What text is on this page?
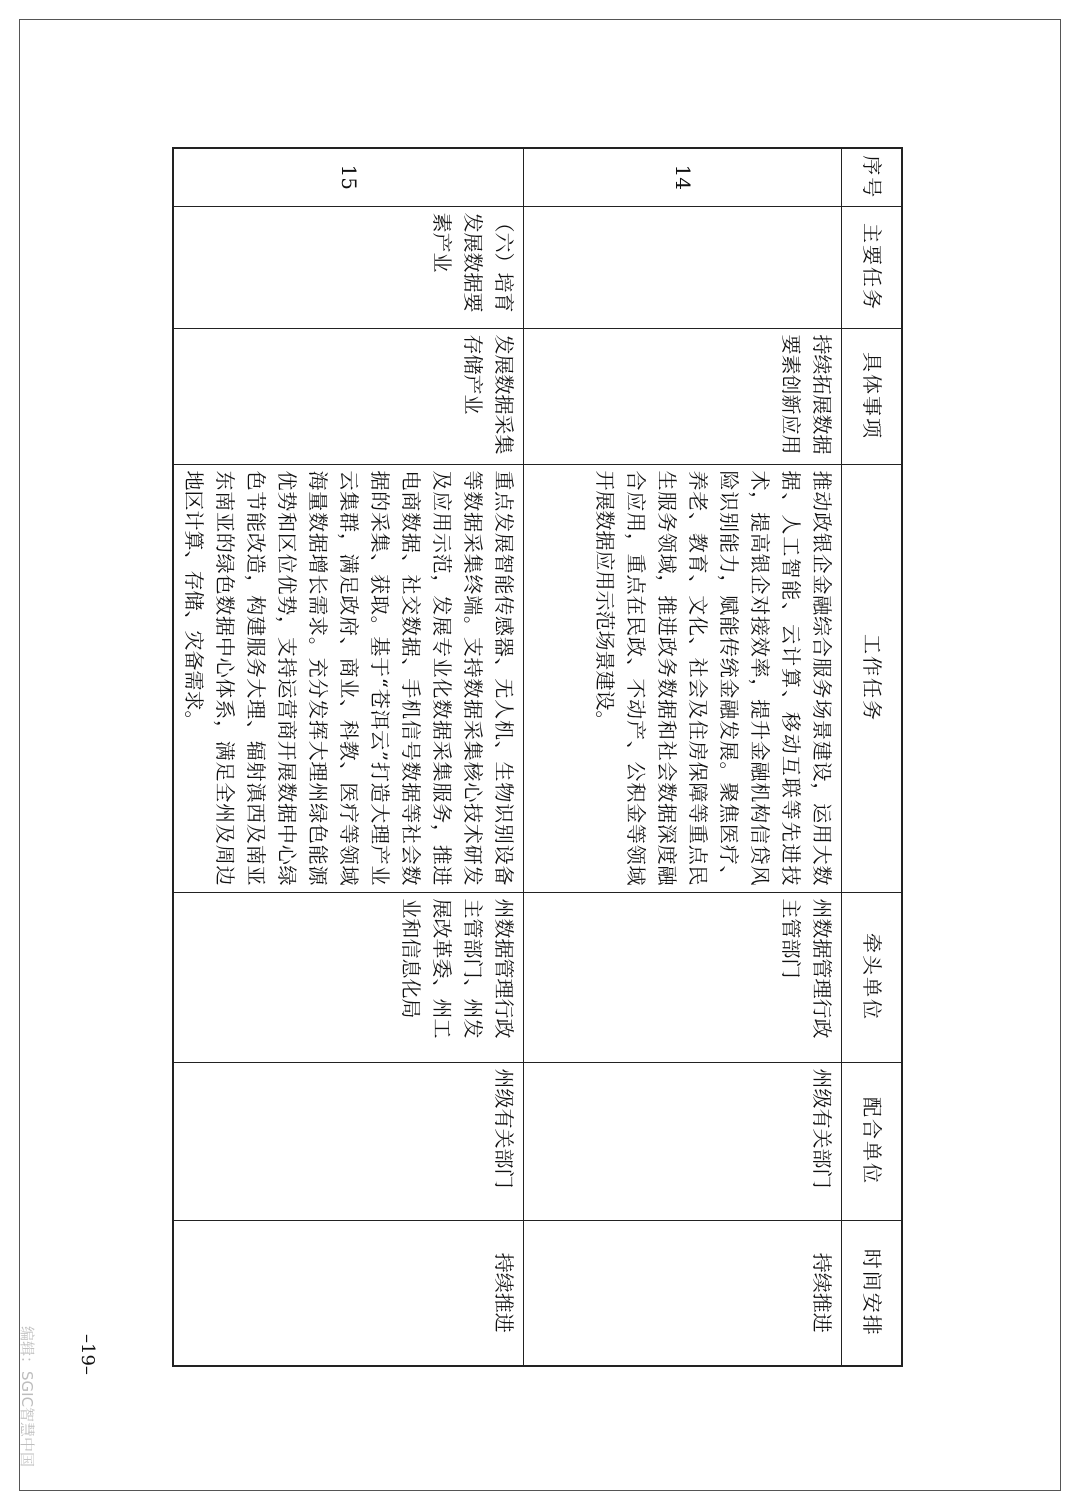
序号	主要任务	具体事项	工作任务	牵头单位	配合单位	时间安排
14		持续拓展数据要素创新应用	推动政银企金融综合服务场景建设，运用大数据、人工智能、云计算、移动互联等先进技术，提高银企对接效率，提升金融机构信贷风险识别能力，赋能传统金融发展。聚焦医疗、养老、教育、文化、社会及住房保障等重点民生服务领域，推进政务数据和社会数据深度融合应用，重点在民政、不动产、公积金等领域开展数据应用示范场景建设。	州数据管理行政主管部门	州级有关部门	持续推进
15	（六）培育发展数据要素产业	发展数据采集存储产业	重点发展智能传感器、无人机、生物识别设备等数据采集终端。支持数据采集核心技术研发及应用示范，发展专业化数据采集服务，推进电商数据、社交数据、手机信号数据等社会数据的采集、获取。基于“苍洱云”打造大理产业云集群，满足政府、商业、科教、医疗等领域海量数据增长需求。充分发挥大理州绿色能源优势和区位优势，支持运营商开展数据中心绿色节能改造，构建服务大理、辐射滇西及南亚东南亚的绿色数据中心体系，满足全州及周边地区计算、存储、灾备需求。	州数据管理行政主管部门、州发展改革委、州工业和信息化局	州级有关部门	持续推进
–19–
编辑：SGIC智慧中国
